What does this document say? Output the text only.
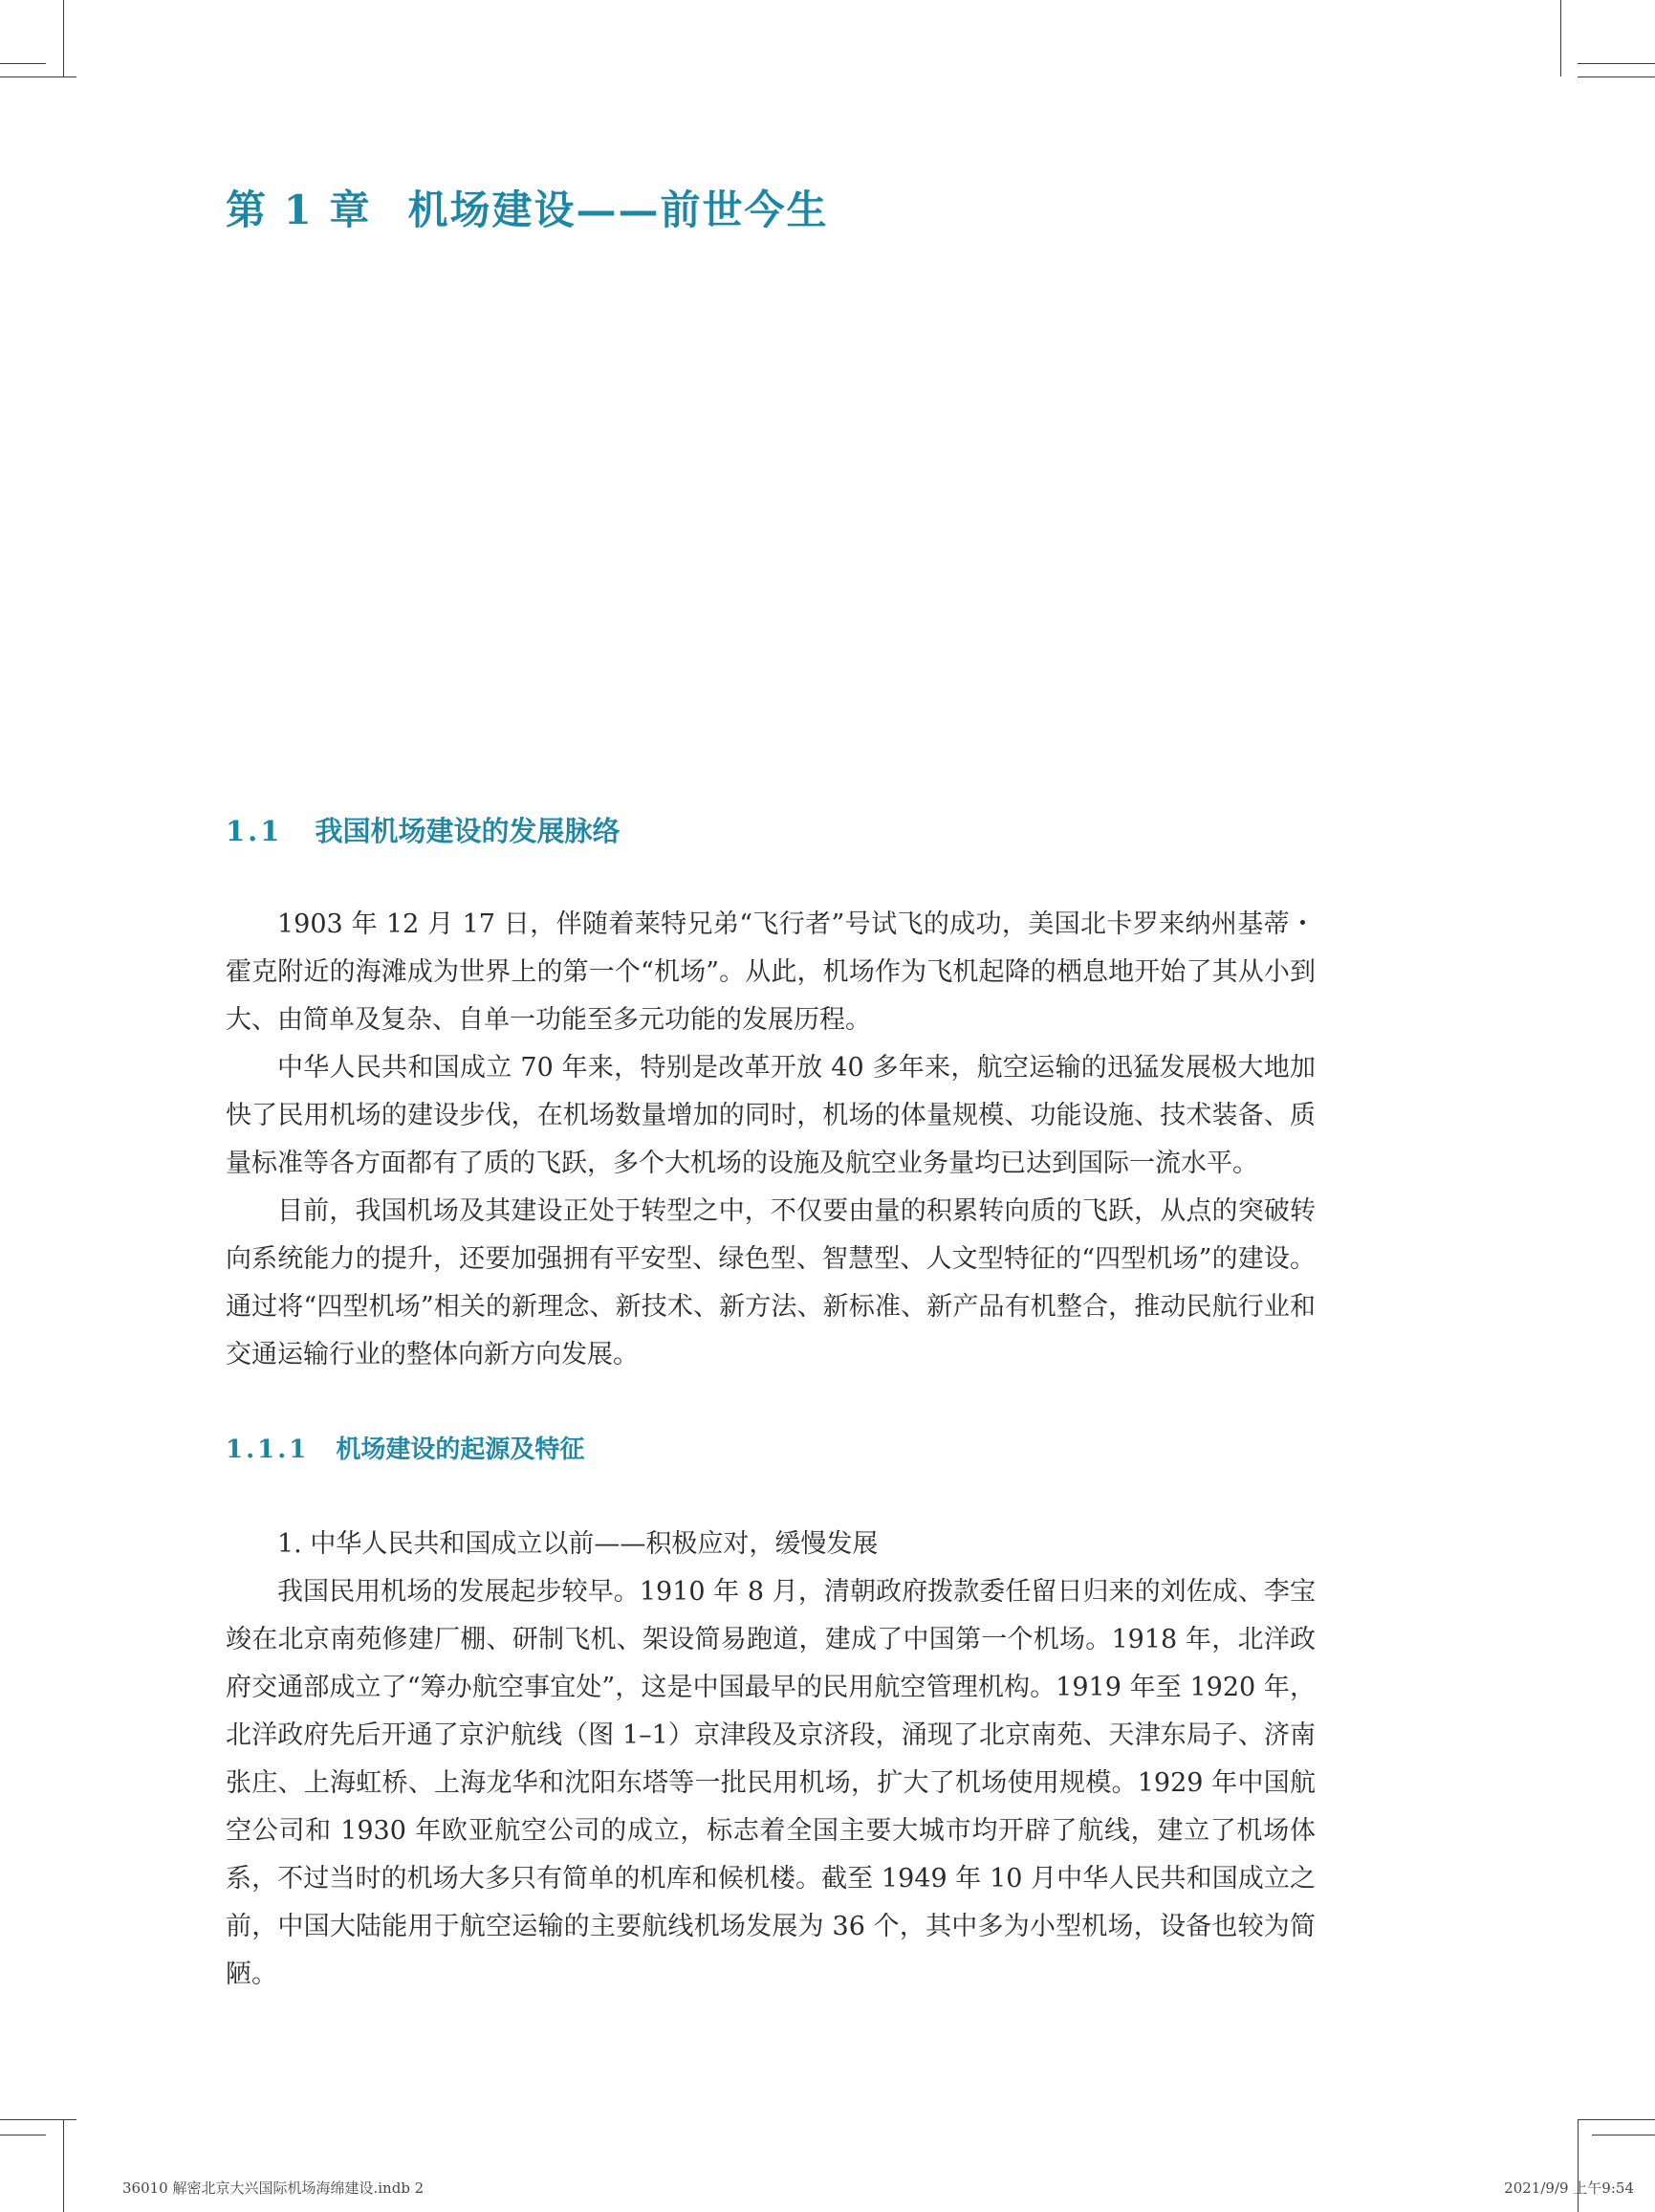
第 1 章 机场建设——前世今生
1.1 我国机场建设的发展脉络

1903 年 12 月 17 日，伴随着莱特兄弟“飞行者”号试飞的成功，美国北卡罗来纳州基蒂・霍克附近的海滩成为世界上的第一个“机场”。从此，机场作为飞机起降的栖息地开始了其从小到大、由简单及复杂、自单一功能至多元功能的发展历程。

中华人民共和国成立 70 年来，特别是改革开放 40 多年来，航空运输的迅猛发展极大地加快了民用机场的建设步伐，在机场数量增加的同时，机场的体量规模、功能设施、技术装备、质量标准等各方面都有了质的飞跃，多个大机场的设施及航空业务量均已达到国际一流水平。

目前，我国机场及其建设正处于转型之中，不仅要由量的积累转向质的飞跃，从点的突破转向系统能力的提升，还要加强拥有平安型、绿色型、智慧型、人文型特征的“四型机场”的建设。通过将“四型机场”相关的新理念、新技术、新方法、新标准、新产品有机整合，推动民航行业和交通运输行业的整体向新方向发展。

1.1.1 机场建设的起源及特征

1. 中华人民共和国成立以前——积极应对，缓慢发展

我国民用机场的发展起步较早。1910 年 8 月，清朝政府拨款委任留日归来的刘佐成、李宝竣在北京南苑修建厂棚、研制飞机、架设简易跑道，建成了中国第一个机场。1918 年，北洋政府交通部成立了“筹办航空事宜处”，这是中国最早的民用航空管理机构。1919 年至 1920 年，北洋政府先后开通了京沪航线（图 1–1）京津段及京济段，涌现了北京南苑、天津东局子、济南张庄、上海虹桥、上海龙华和沈阳东塔等一批民用机场，扩大了机场使用规模。1929 年中国航空公司和 1930 年欧亚航空公司的成立，标志着全国主要大城市均开辟了航线，建立了机场体系，不过当时的机场大多只有简单的机库和候机楼。截至 1949 年 10 月中华人民共和国成立之前，中国大陆能用于航空运输的主要航线机场发展为 36 个，其中多为小型机场，设备也较为简陋。

36010 解密北京大兴国际机场海绵建设.indb 2	2021/9/9 上午9:54
